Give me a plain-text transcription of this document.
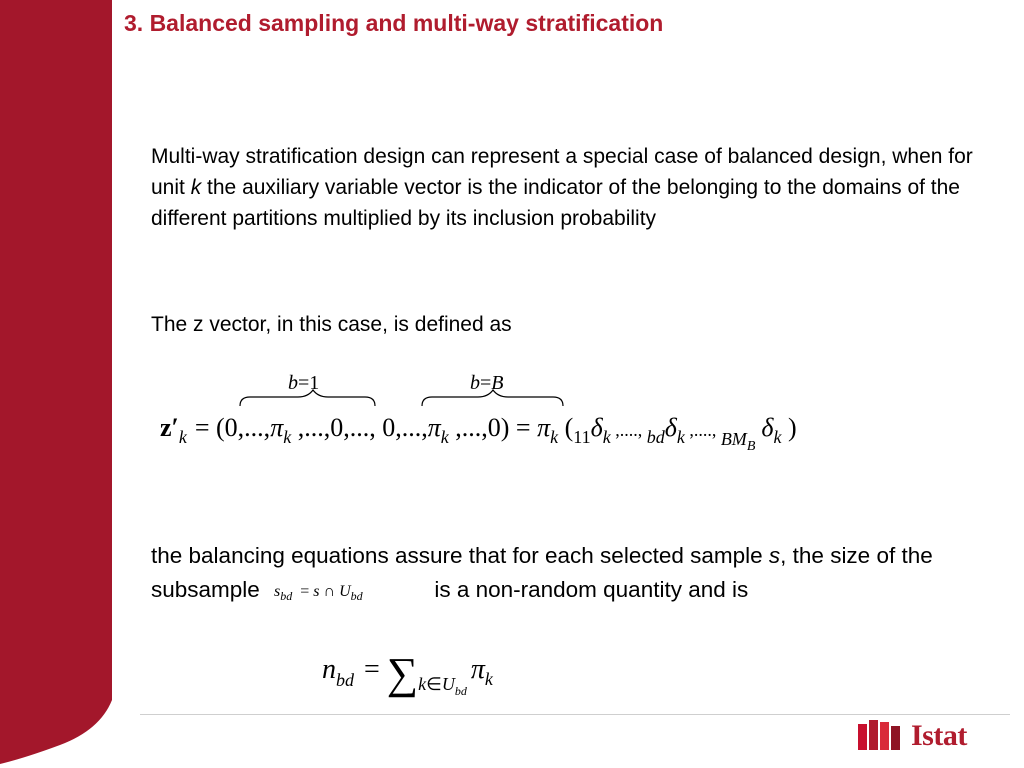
3. Balanced sampling and multi-way stratification

Multi-way stratification design can represent a special case of balanced design, when for unit k the auxiliary variable vector is the indicator of the belonging to the domains of the different partitions multiplied by its inclusion probability

The z vector, in this case, is defined as

b=1	b=B
$z'_k = (0,...,\pi_k$ ,...,0,..., $0,...,\pi_k$ $,...,0) = \pi_k$ ($_{11}\delta_k$ ,...., $_{bd}\delta_k$ ,...., $_{BM}B\delta_k$ )

the balancing equations assure that for each selected sample s, the size of the subsample $s_{bd} = s$ ∩ $U_{bd}$	is a non-random quantity and is

$n_{bd}$ = ∑k∈Ubdπ$_k$
Istat
